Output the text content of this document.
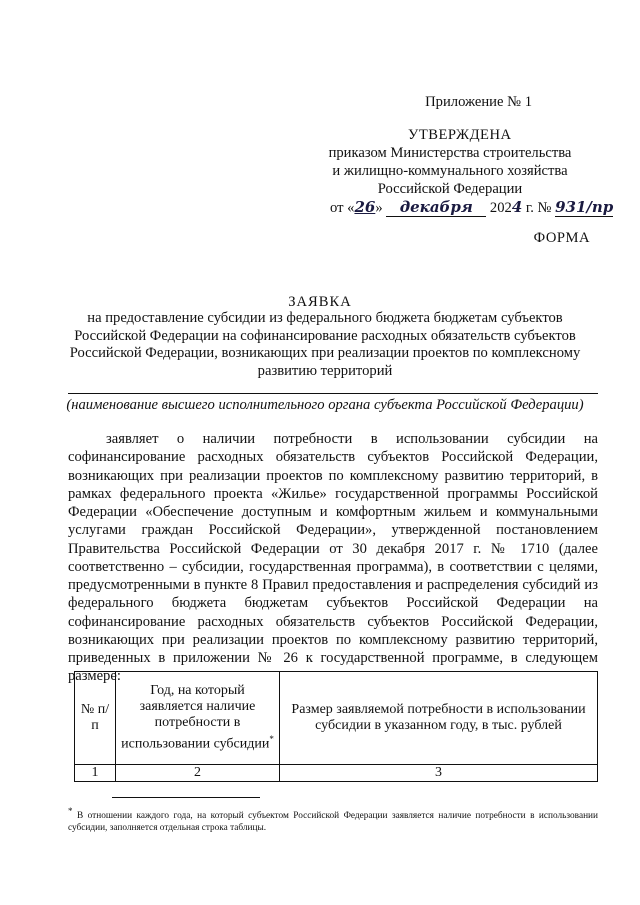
Приложение № 1
УТВЕРЖДЕНА
приказом Министерства строительства
и жилищно-коммунального хозяйства
Российской Федерации
от «26» декабря 2024 г. № 931/пр
ФОРМА
ЗАЯВКА
на предоставление субсидии из федерального бюджета бюджетам субъектов Российской Федерации на софинансирование расходных обязательств субъектов Российской Федерации, возникающих при реализации проектов по комплексному развитию территорий
(наименование высшего исполнительного органа субъекта Российской Федерации)
заявляет о наличии потребности в использовании субсидии на софинансирование расходных обязательств субъектов Российской Федерации, возникающих при реализации проектов по комплексному развитию территорий, в рамках федерального проекта «Жилье» государственной программы Российской Федерации «Обеспечение доступным и комфортным жильем и коммунальными услугами граждан Российской Федерации», утвержденной постановлением Правительства Российской Федерации от 30 декабря 2017 г. № 1710 (далее соответственно – субсидии, государственная программа), в соответствии с целями, предусмотренными в пункте 8 Правил предоставления и распределения субсидий из федерального бюджета бюджетам субъектов Российской Федерации на софинансирование расходных обязательств субъектов Российской Федерации, возникающих при реализации проектов по комплексному развитию территорий, приведенных в приложении № 26 к государственной программе, в следующем размере:
№ п/п	Год, на который заявляется наличие потребности в использовании субсидии*	Размер заявляемой потребности в использовании субсидии в указанном году, в тыс. рублей
1	2	3
* В отношении каждого года, на который субъектом Российской Федерации заявляется наличие потребности в использовании субсидии, заполняется отдельная строка таблицы.
